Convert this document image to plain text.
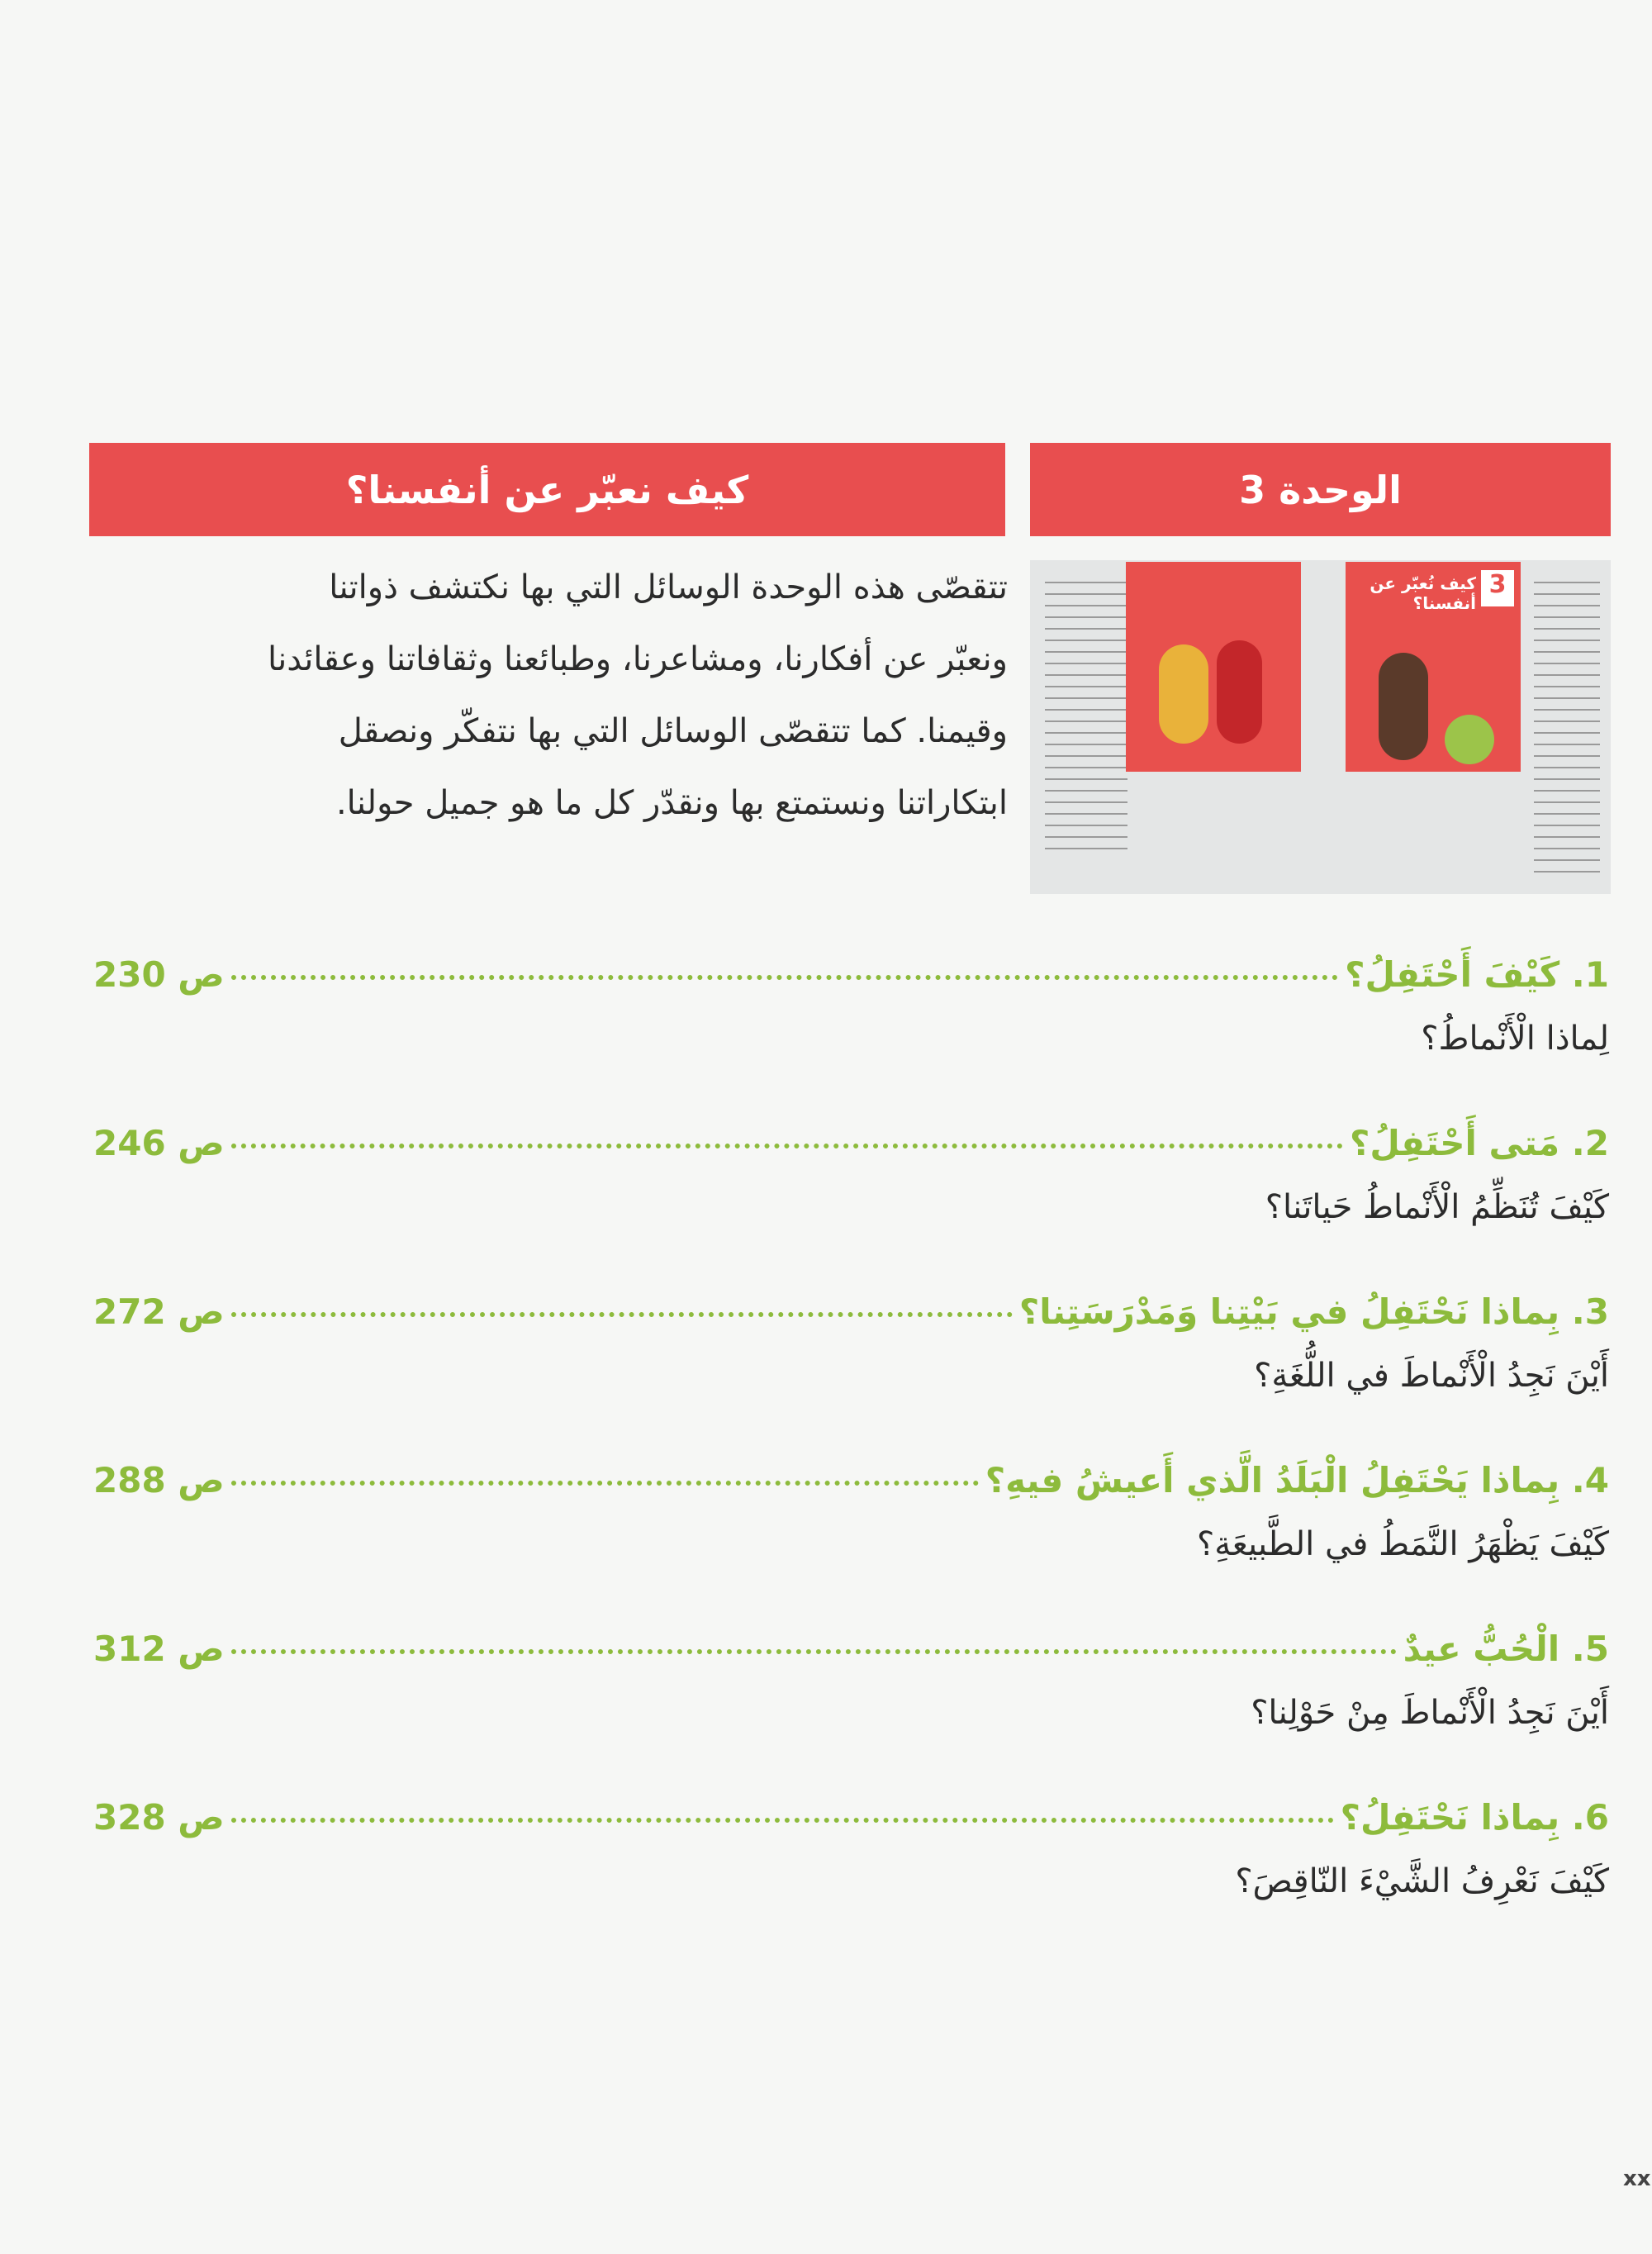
كيف نعبّر عن أنفسنا؟	الوحدة 3
تتقصّى هذه الوحدة الوسائل التي بها نكتشف ذواتنا
ونعبّر عن أفكارنا، ومشاعرنا، وطبائعنا وثقافاتنا وعقائدنا
وقيمنا. كما تتقصّى الوسائل التي بها نتفكّر ونصقل
ابتكاراتنا ونستمتع بها ونقدّر كل ما هو جميل حولنا.
3
كيف نُعبّر عن أنفسنا؟
1. كَيْفَ أَحْتَفِلُ؟
ص 230
لِماذا الْأَنْماطُ؟
2. مَتى أَحْتَفِلُ؟
ص 246
كَيْفَ تُنَظِّمُ الْأَنْماطُ حَياتَنا؟
3. بِماذا نَحْتَفِلُ في بَيْتِنا وَمَدْرَسَتِنا؟
ص 272
أَيْنَ نَجِدُ الْأَنْماطَ في اللُّغَةِ؟
4. بِماذا يَحْتَفِلُ الْبَلَدُ الَّذي أَعيشُ فيهِ؟
ص 288
كَيْفَ يَظْهَرُ النَّمَطُ في الطَّبيعَةِ؟
5. الْحُبُّ عيدٌ
ص 312
أَيْنَ نَجِدُ الْأَنْماطَ مِنْ حَوْلِنا؟
6. بِماذا نَحْتَفِلُ؟
ص 328
كَيْفَ نَعْرِفُ الشَّيْءَ النّاقِصَ؟
xx
